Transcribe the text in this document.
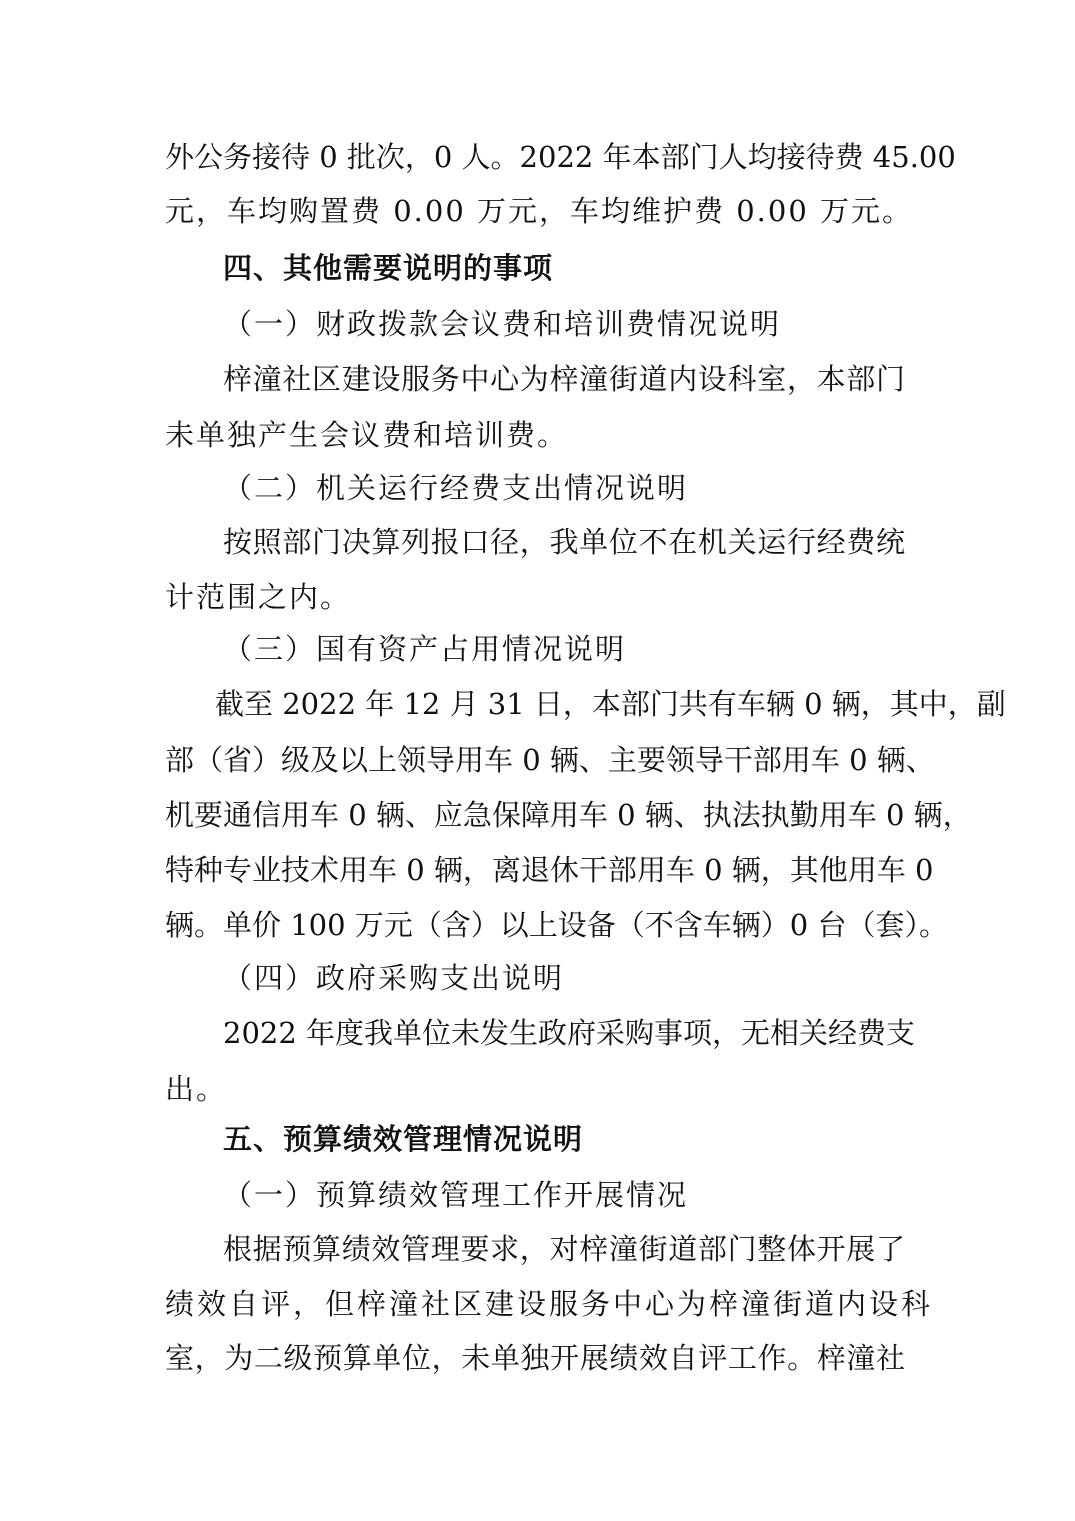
外公务接待 0 批次，0 人。2022 年本部门人均接待费 45.00
元，车均购置费 0.00 万元，车均维护费 0.00 万元。
四、其他需要说明的事项
（一）财政拨款会议费和培训费情况说明
梓潼社区建设服务中心为梓潼街道内设科室，本部门
未单独产生会议费和培训费。
（二）机关运行经费支出情况说明
按照部门决算列报口径，我单位不在机关运行经费统
计范围之内。
（三）国有资产占用情况说明
截至 2022 年 12 月 31 日，本部门共有车辆 0 辆，其中，副
部（省）级及以上领导用车 0 辆、主要领导干部用车 0 辆、
机要通信用车 0 辆、应急保障用车 0 辆、执法执勤用车 0 辆，
特种专业技术用车 0 辆，离退休干部用车 0 辆，其他用车 0
辆。单价 100 万元（含）以上设备（不含车辆）0 台（套）。
（四）政府采购支出说明
2022 年度我单位未发生政府采购事项，无相关经费支
出。
五、预算绩效管理情况说明
（一）预算绩效管理工作开展情况
根据预算绩效管理要求，对梓潼街道部门整体开展了
绩效自评，但梓潼社区建设服务中心为梓潼街道内设科
室，为二级预算单位，未单独开展绩效自评工作。梓潼社
